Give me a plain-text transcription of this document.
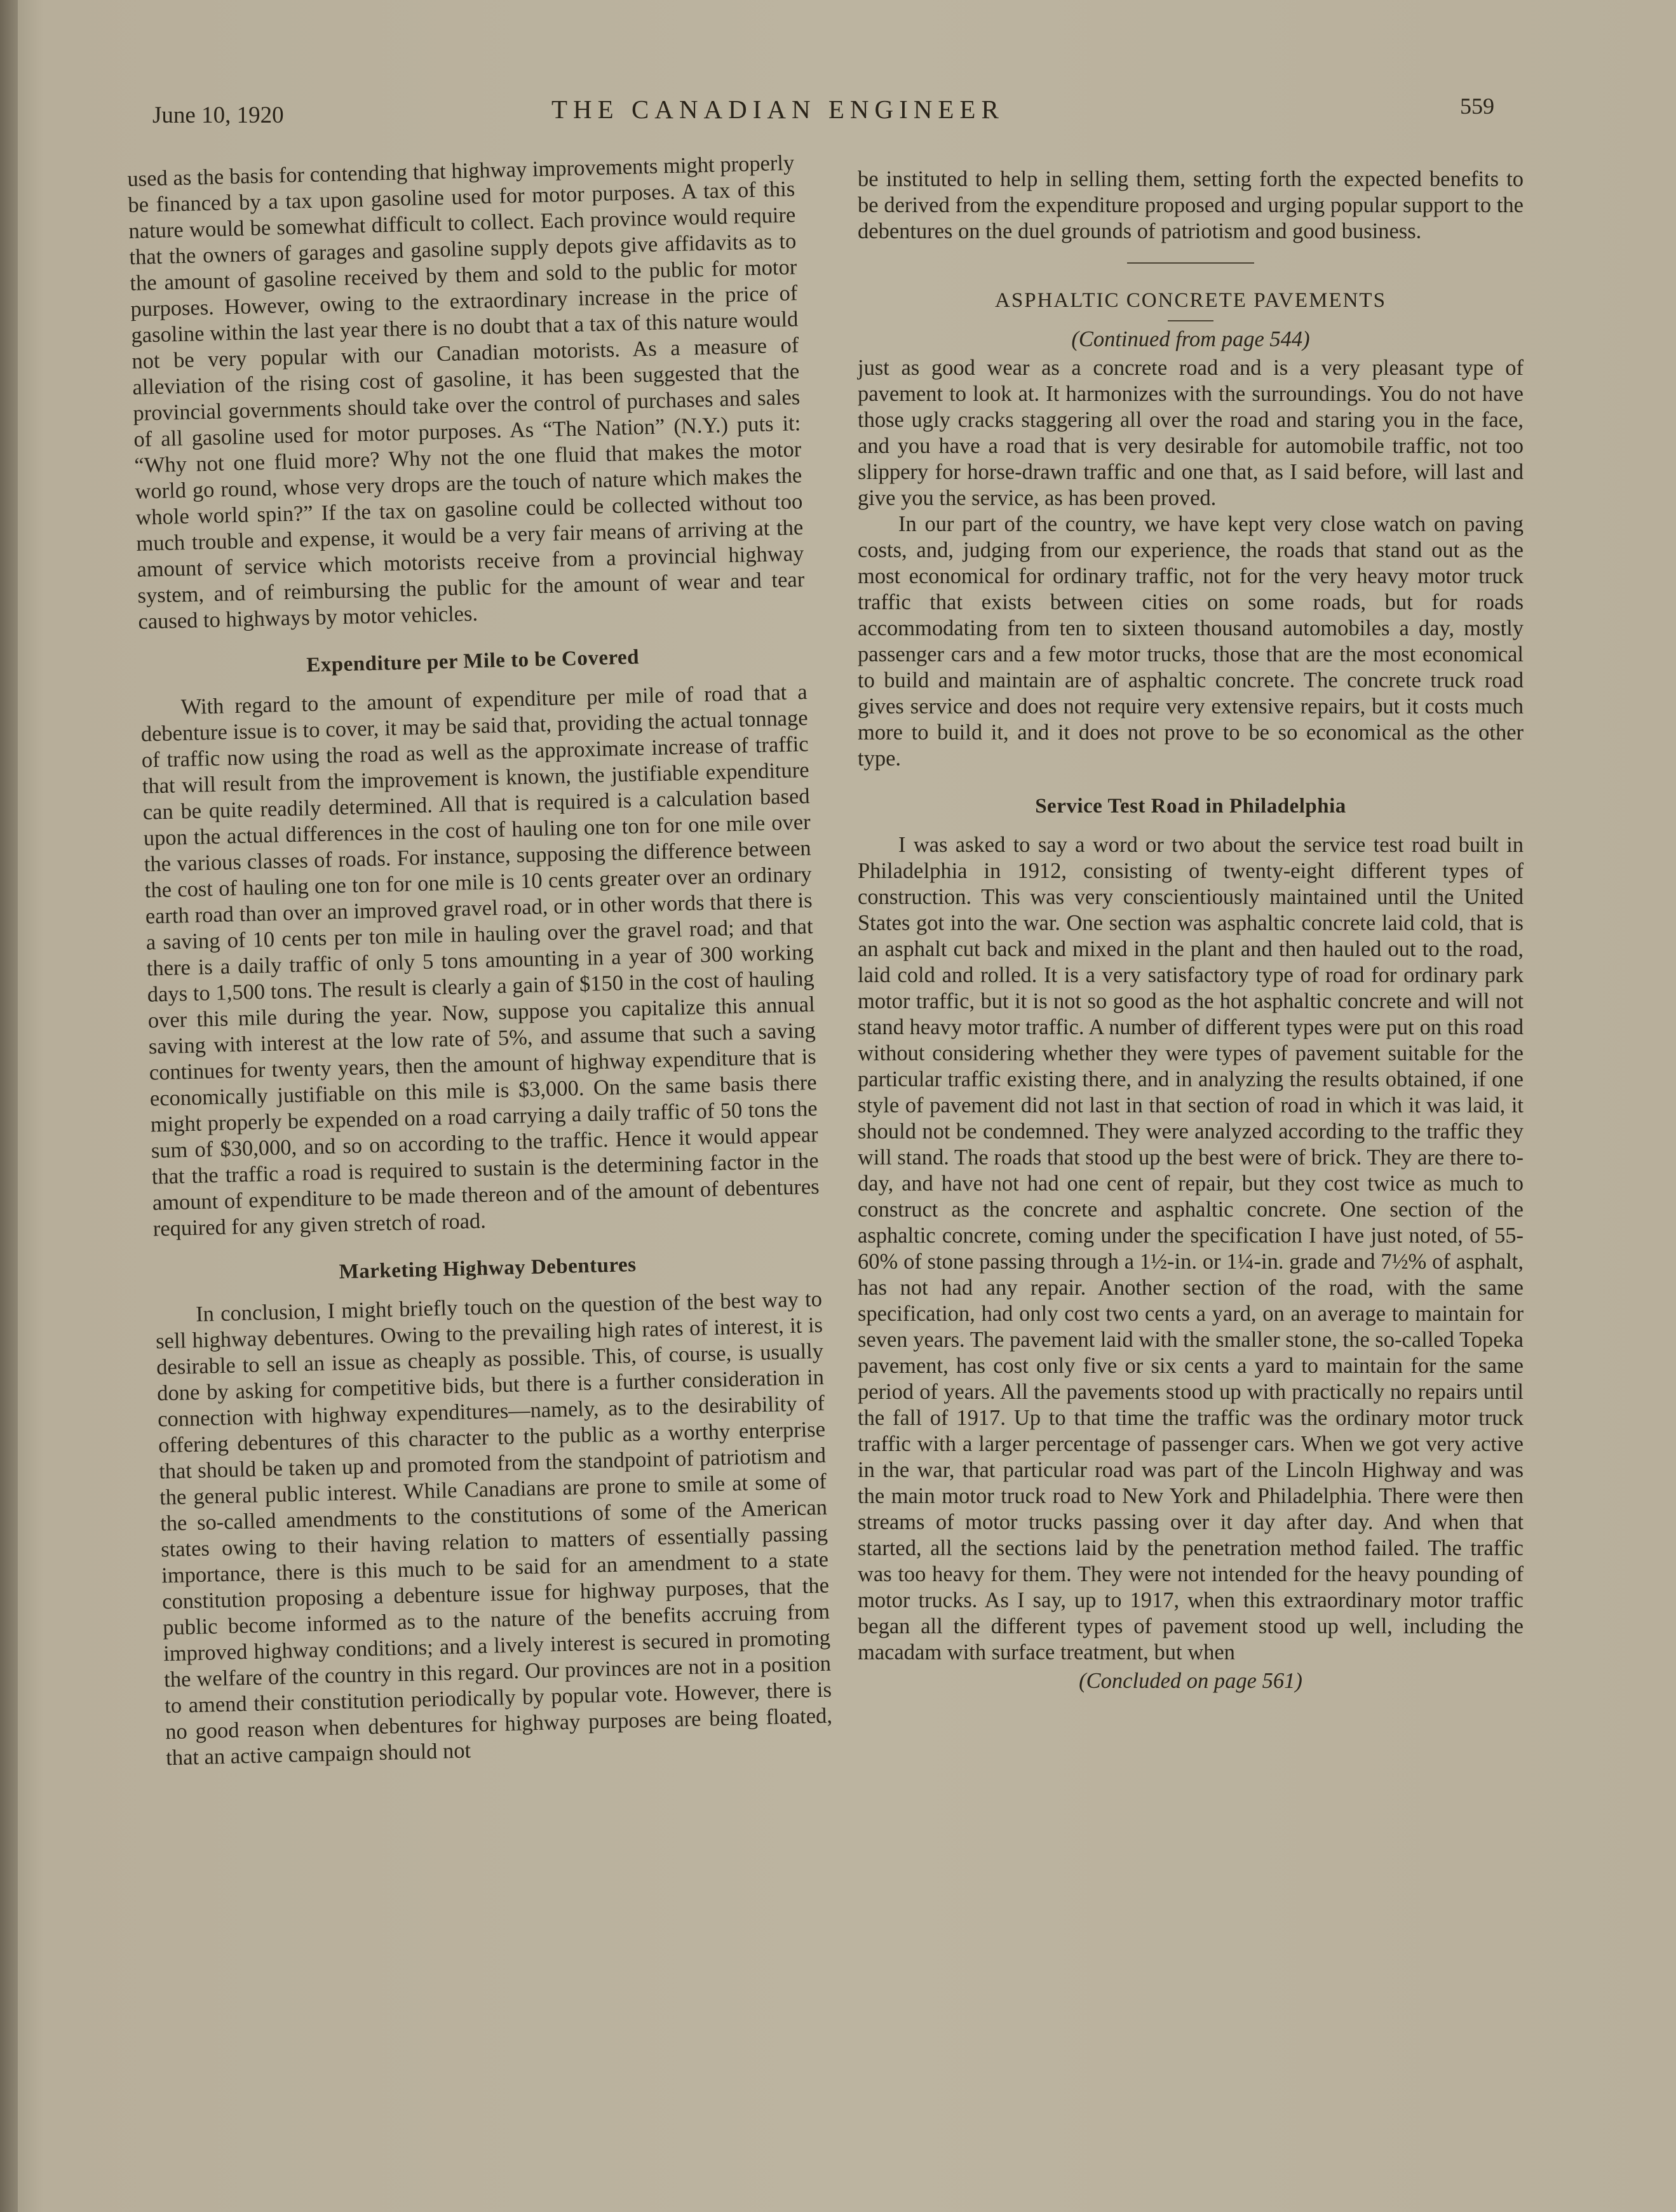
June 10, 1920	THE CANADIAN ENGINEER	559

used as the basis for contending that highway improvements might properly be financed by a tax upon gasoline used for motor purposes. A tax of this nature would be somewhat difficult to collect. Each province would require that the owners of garages and gasoline supply depots give affidavits as to the amount of gasoline received by them and sold to the public for motor purposes. However, owing to the extraordinary increase in the price of gasoline within the last year there is no doubt that a tax of this nature would not be very popular with our Canadian motorists. As a measure of alleviation of the rising cost of gasoline, it has been suggested that the provincial governments should take over the control of purchases and sales of all gasoline used for motor purposes. As “The Nation” (N.Y.) puts it: “Why not one fluid more? Why not the one fluid that makes the motor world go round, whose very drops are the touch of nature which makes the whole world spin?” If the tax on gasoline could be collected without too much trouble and expense, it would be a very fair means of arriving at the amount of service which motorists receive from a provincial highway system, and of reimbursing the public for the amount of wear and tear caused to highways by motor vehicles.

Expenditure per Mile to be Covered

With regard to the amount of expenditure per mile of road that a debenture issue is to cover, it may be said that, providing the actual tonnage of traffic now using the road as well as the approximate increase of traffic that will result from the improvement is known, the justifiable expenditure can be quite readily determined. All that is required is a calculation based upon the actual differences in the cost of hauling one ton for one mile over the various classes of roads. For instance, supposing the difference between the cost of hauling one ton for one mile is 10 cents greater over an ordinary earth road than over an improved gravel road, or in other words that there is a saving of 10 cents per ton mile in hauling over the gravel road; and that there is a daily traffic of only 5 tons amounting in a year of 300 working days to 1,500 tons. The result is clearly a gain of $150 in the cost of hauling over this mile during the year. Now, suppose you capitalize this annual saving with interest at the low rate of 5%, and assume that such a saving continues for twenty years, then the amount of highway expenditure that is economically justifiable on this mile is $3,000. On the same basis there might properly be expended on a road carrying a daily traffic of 50 tons the sum of $30,000, and so on according to the traffic. Hence it would appear that the traffic a road is required to sustain is the determining factor in the amount of expenditure to be made thereon and of the amount of debentures required for any given stretch of road.

Marketing Highway Debentures

In conclusion, I might briefly touch on the question of the best way to sell highway debentures. Owing to the prevailing high rates of interest, it is desirable to sell an issue as cheaply as possible. This, of course, is usually done by asking for competitive bids, but there is a further consideration in connection with highway expenditures—namely, as to the desirability of offering debentures of this character to the public as a worthy enterprise that should be taken up and promoted from the standpoint of patriotism and the general public interest. While Canadians are prone to smile at some of the so-called amendments to the constitutions of some of the American states owing to their having relation to matters of essentially passing importance, there is this much to be said for an amendment to a state constitution proposing a debenture issue for highway purposes, that the public become informed as to the nature of the benefits accruing from improved highway conditions; and a lively interest is secured in promoting the welfare of the country in this regard. Our provinces are not in a position to amend their constitution periodically by popular vote. However, there is no good reason when debentures for highway purposes are being floated, that an active campaign should not

be instituted to help in selling them, setting forth the expected benefits to be derived from the expenditure proposed and urging popular support to the debentures on the duel grounds of patriotism and good business.

ASPHALTIC CONCRETE PAVEMENTS
(Continued from page 544)

just as good wear as a concrete road and is a very pleasant type of pavement to look at. It harmonizes with the surroundings. You do not have those ugly cracks staggering all over the road and staring you in the face, and you have a road that is very desirable for automobile traffic, not too slippery for horse-drawn traffic and one that, as I said before, will last and give you the service, as has been proved.

In our part of the country, we have kept very close watch on paving costs, and, judging from our experience, the roads that stand out as the most economical for ordinary traffic, not for the very heavy motor truck traffic that exists between cities on some roads, but for roads accommodating from ten to sixteen thousand automobiles a day, mostly passenger cars and a few motor trucks, those that are the most economical to build and maintain are of asphaltic concrete. The concrete truck road gives service and does not require very extensive repairs, but it costs much more to build it, and it does not prove to be so economical as the other type.

Service Test Road in Philadelphia

I was asked to say a word or two about the service test road built in Philadelphia in 1912, consisting of twenty-eight different types of construction. This was very conscientiously maintained until the United States got into the war. One section was asphaltic concrete laid cold, that is an asphalt cut back and mixed in the plant and then hauled out to the road, laid cold and rolled. It is a very satisfactory type of road for ordinary park motor traffic, but it is not so good as the hot asphaltic concrete and will not stand heavy motor traffic. A number of different types were put on this road without considering whether they were types of pavement suitable for the particular traffic existing there, and in analyzing the results obtained, if one style of pavement did not last in that section of road in which it was laid, it should not be condemned. They were analyzed according to the traffic they will stand. The roads that stood up the best were of brick. They are there to-day, and have not had one cent of repair, but they cost twice as much to construct as the concrete and asphaltic concrete. One section of the asphaltic concrete, coming under the specification I have just noted, of 55-60% of stone passing through a 1½-in. or 1¼-in. grade and 7½% of asphalt, has not had any repair. Another section of the road, with the same specification, had only cost two cents a yard, on an average to maintain for seven years. The pavement laid with the smaller stone, the so-called Topeka pavement, has cost only five or six cents a yard to maintain for the same period of years. All the pavements stood up with practically no repairs until the fall of 1917. Up to that time the traffic was the ordinary motor truck traffic with a larger percentage of passenger cars. When we got very active in the war, that particular road was part of the Lincoln Highway and was the main motor truck road to New York and Philadelphia. There were then streams of motor trucks passing over it day after day. And when that started, all the sections laid by the penetration method failed. The traffic was too heavy for them. They were not intended for the heavy pounding of motor trucks. As I say, up to 1917, when this extraordinary motor traffic began all the different types of pavement stood up well, including the macadam with surface treatment, but when

(Concluded on page 561)
